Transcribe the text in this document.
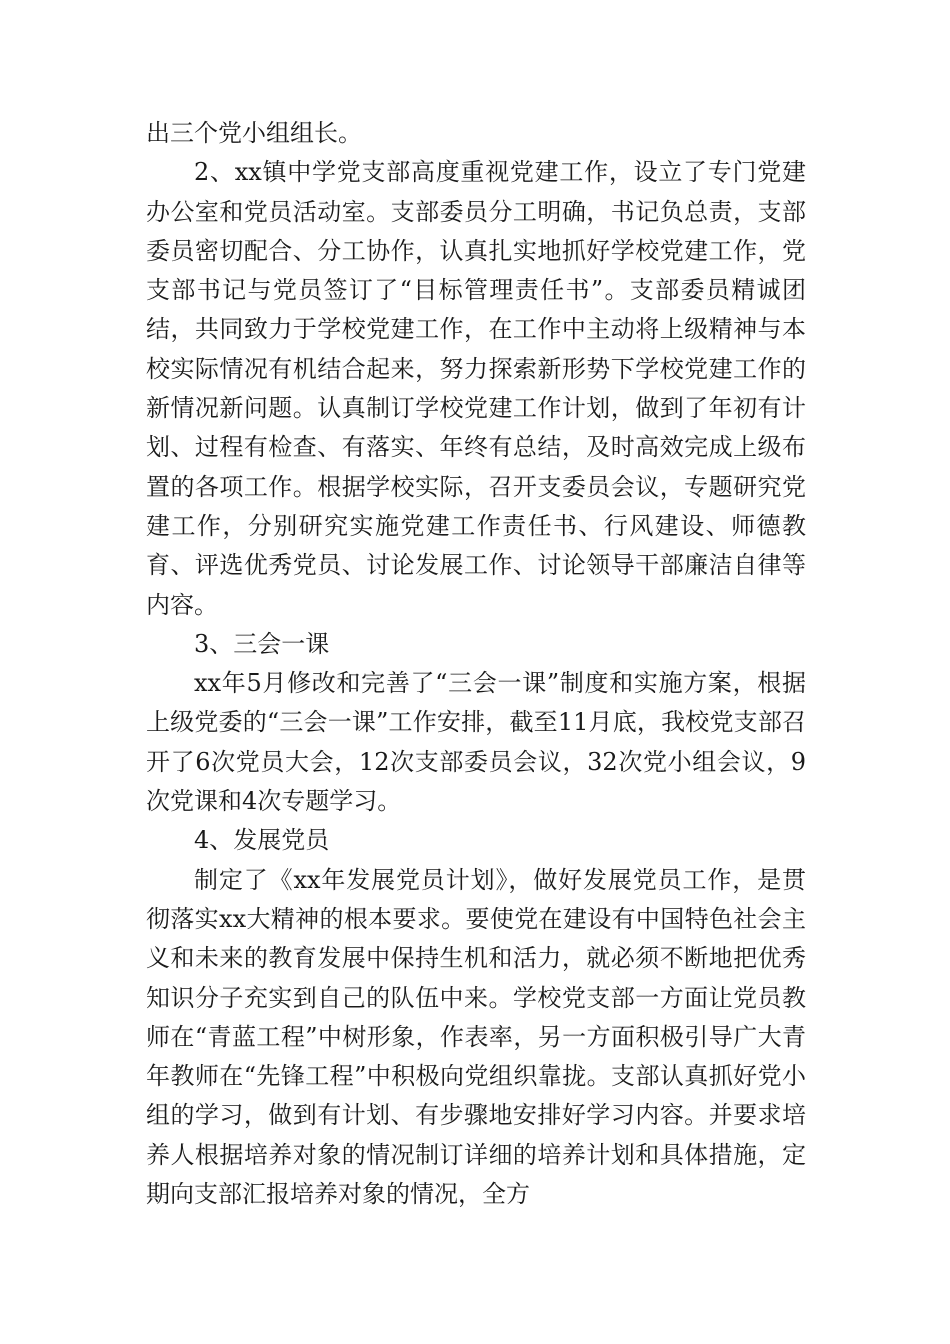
出三个党小组组长。

2、xx镇中学党支部高度重视党建工作，设立了专门党建办公室和党员活动室。支部委员分工明确，书记负总责，支部委员密切配合、分工协作，认真扎实地抓好学校党建工作，党支部书记与党员签订了“目标管理责任书”。支部委员精诚团结，共同致力于学校党建工作，在工作中主动将上级精神与本校实际情况有机结合起来，努力探索新形势下学校党建工作的新情况新问题。认真制订学校党建工作计划，做到了年初有计划、过程有检查、有落实、年终有总结，及时高效完成上级布置的各项工作。根据学校实际，召开支委员会议，专题研究党建工作，分别研究实施党建工作责任书、行风建设、师德教育、评选优秀党员、讨论发展工作、讨论领导干部廉洁自律等内容。

3、三会一课

xx年5月修改和完善了“三会一课”制度和实施方案，根据上级党委的“三会一课”工作安排，截至11月底，我校党支部召开了6次党员大会，12次支部委员会议，32次党小组会议，9次党课和4次专题学习。

4、发展党员

制定了《xx年发展党员计划》，做好发展党员工作，是贯彻落实xx大精神的根本要求。要使党在建设有中国特色社会主义和未来的教育发展中保持生机和活力，就必须不断地把优秀知识分子充实到自己的队伍中来。学校党支部一方面让党员教师在“青蓝工程”中树形象，作表率，另一方面积极引导广大青年教师在“先锋工程”中积极向党组织靠拢。支部认真抓好党小组的学习，做到有计划、有步骤地安排好学习内容。并要求培养人根据培养对象的情况制订详细的培养计划和具体措施，定期向支部汇报培养对象的情况，全方
